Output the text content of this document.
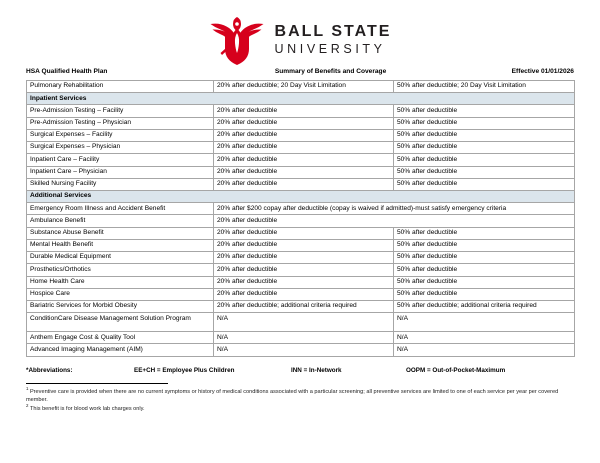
BALL STATE
UNIVERSITY
HSA Qualified Health Plan	Summary of Benefits and Coverage	Effective 01/01/2026
Pulmonary Rehabilitation	20% after deductible; 20 Day Visit Limitation	50% after deductible; 20 Day Visit Limitation
Inpatient Services		
Pre-Admission Testing – Facility	20% after deductible	50% after deductible
Pre-Admission Testing – Physician	20% after deductible	50% after deductible
Surgical Expenses – Facility	20% after deductible	50% after deductible
Surgical Expenses – Physician	20% after deductible	50% after deductible
Inpatient Care – Facility	20% after deductible	50% after deductible
Inpatient Care – Physician	20% after deductible	50% after deductible
Skilled Nursing Facility	20% after deductible	50% after deductible
Additional Services		
Emergency Room Illness and Accident Benefit	20% after $200 copay after deductible (copay is waived if admitted)-must satisfy emergency criteria	
Ambulance Benefit	20% after deductible	
Substance Abuse Benefit	20% after deductible	50% after deductible
Mental Health Benefit	20% after deductible	50% after deductible
Durable Medical Equipment	20% after deductible	50% after deductible
Prosthetics/Orthotics	20% after deductible	50% after deductible
Home Health Care	20% after deductible	50% after deductible
Hospice Care	20% after deductible	50% after deductible
Bariatric Services for Morbid Obesity	20% after deductible; additional criteria required	50% after deductible; additional criteria required
ConditionCare Disease Management Solution Program	N/A	N/A
Anthem Engage Cost & Quality Tool	N/A	N/A
Advanced Imaging Management (AIM)	N/A	N/A
*Abbreviations:	EE+CH = Employee Plus Children	INN = In-Network	OOPM = Out-of-Pocket-Maximum

$^1$Preventive care is provided when there are no current symptoms or history of medical conditions associated with a particular screening; all preventive services are limited to one of each service per year per covered member.

$^2$This benefit is for blood work lab charges only.
